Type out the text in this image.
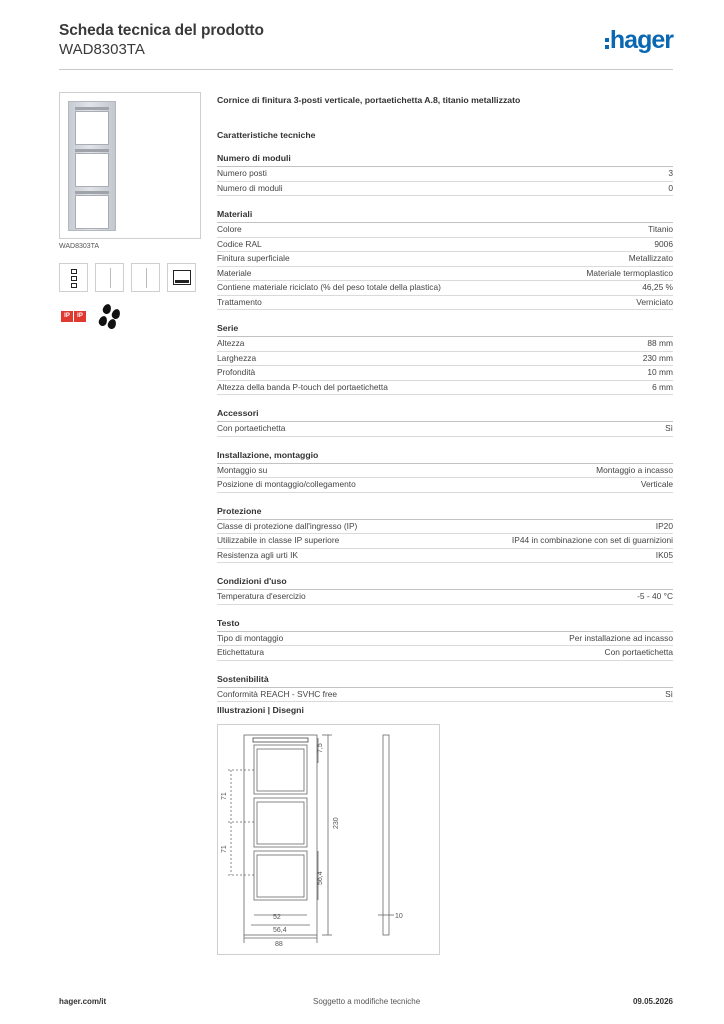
Scheda tecnica del prodotto
WAD8303TA	hager
WAD8303TA
IP	IP
Cornice di finitura 3-posti verticale, portaetichetta A.8, titanio metallizzato
Caratteristiche tecniche
Numero di moduli
Numero posti	3
Numero di moduli	0
Materiali
Colore	Titanio
Codice RAL	9006
Finitura superficiale	Metallizzato
Materiale	Materiale termoplastico
Contiene materiale riciclato (% del peso totale della plastica)	46,25 %
Trattamento	Verniciato
Serie
Altezza	88 mm
Larghezza	230 mm
Profondità	10 mm
Altezza della banda P-touch del portaetichetta	6 mm
Accessori
Con portaetichetta	Sì
Installazione, montaggio
Montaggio su	Montaggio a incasso
Posizione di montaggio/collegamento	Verticale
Protezione
Classe di protezione dall'ingresso (IP)	IP20
Utilizzabile in classe IP superiore	IP44 in combinazione con set di guarnizioni
Resistenza agli urti IK	IK05
Condizioni d'uso
Temperatura d'esercizio	-5 - 40 °C
Testo
Tipo di montaggio	Per installazione ad incasso
Etichettatura	Con portaetichetta
Sostenibilità
Conformità REACH - SVHC free	Sì
Illustrazioni | Disegni
7,5
71
71
230
56,4
52
56,4
88
10
hager.com/it	Soggetto a modifiche tecniche	09.05.2026
